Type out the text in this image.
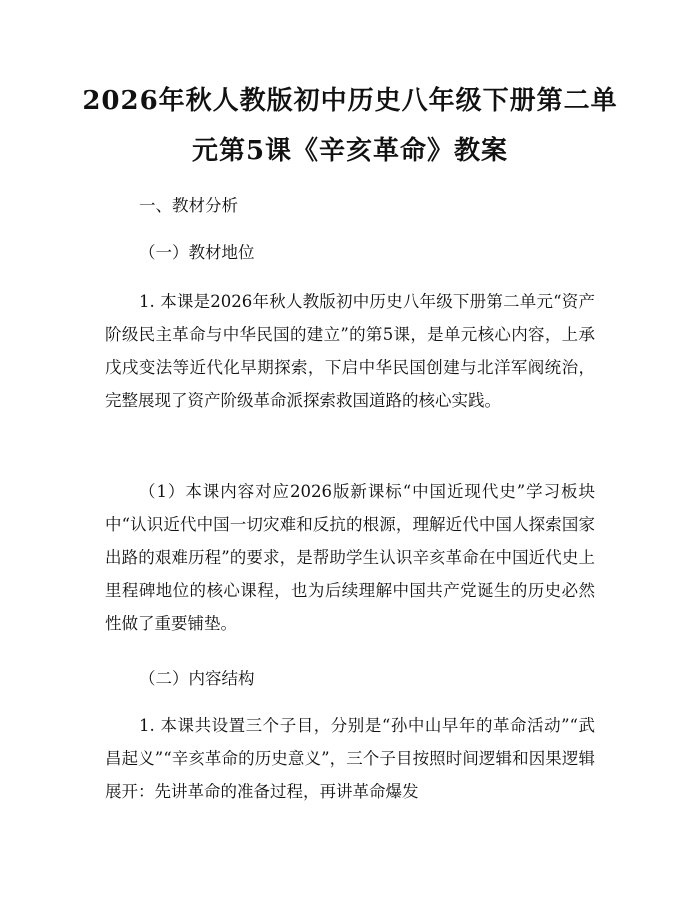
2026年秋人教版初中历史八年级下册第二单
元第5课《辛亥革命》教案

一、教材分析

（一）教材地位

1. 本课是2026年秋人教版初中历史八年级下册第二单元“资产阶级民主革命与中华民国的建立”的第5课，是单元核心内容，上承戊戌变法等近代化早期探索，下启中华民国创建与北洋军阀统治，完整展现了资产阶级革命派探索救国道路的核心实践。

（1）本课内容对应2026版新课标“中国近现代史”学习板块中“认识近代中国一切灾难和反抗的根源，理解近代中国人探索国家出路的艰难历程”的要求，是帮助学生认识辛亥革命在中国近代史上里程碑地位的核心课程，也为后续理解中国共产党诞生的历史必然性做了重要铺垫。

（二）内容结构

1. 本课共设置三个子目，分别是“孙中山早年的革命活动”“武昌起义”“辛亥革命的历史意义”，三个子目按照时间逻辑和因果逻辑展开：先讲革命的准备过程，再讲革命爆发
